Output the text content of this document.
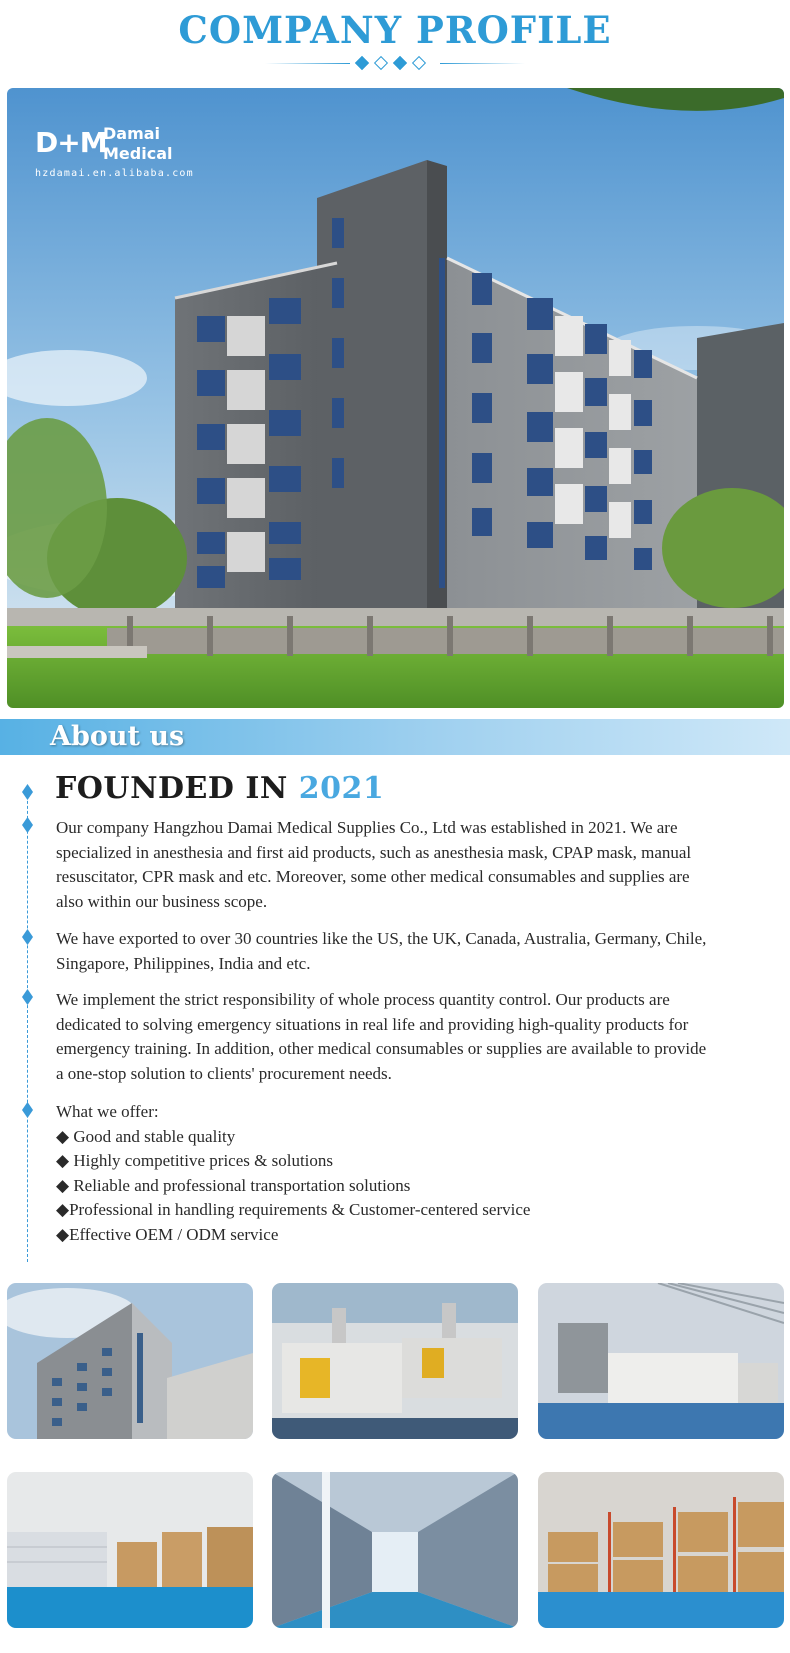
COMPANY PROFILE
D+M
Damai
Medical
hzdamai.en.alibaba.com
About us
FOUNDED IN 2021
Our company Hangzhou Damai Medical Supplies Co., Ltd was established in 2021. We are specialized in anesthesia and first aid products, such as anesthesia mask, CPAP mask, manual resuscitator, CPR mask and etc. Moreover, some other medical consumables and supplies are also within our business scope.
We have exported to over 30 countries like the US, the UK, Canada, Australia, Germany, Chile, Singapore, Philippines, India and etc.
We implement the strict responsibility of whole process quantity control. Our products are dedicated to solving emergency situations in real life and providing high-quality products for emergency training. In addition, other medical consumables or supplies are available to provide a one-stop solution to clients' procurement needs.
What we offer:
◆ Good and stable quality
◆ Highly competitive prices & solutions
◆ Reliable and professional transportation solutions
◆Professional in handling requirements & Customer-centered service
◆Effective OEM / ODM service
